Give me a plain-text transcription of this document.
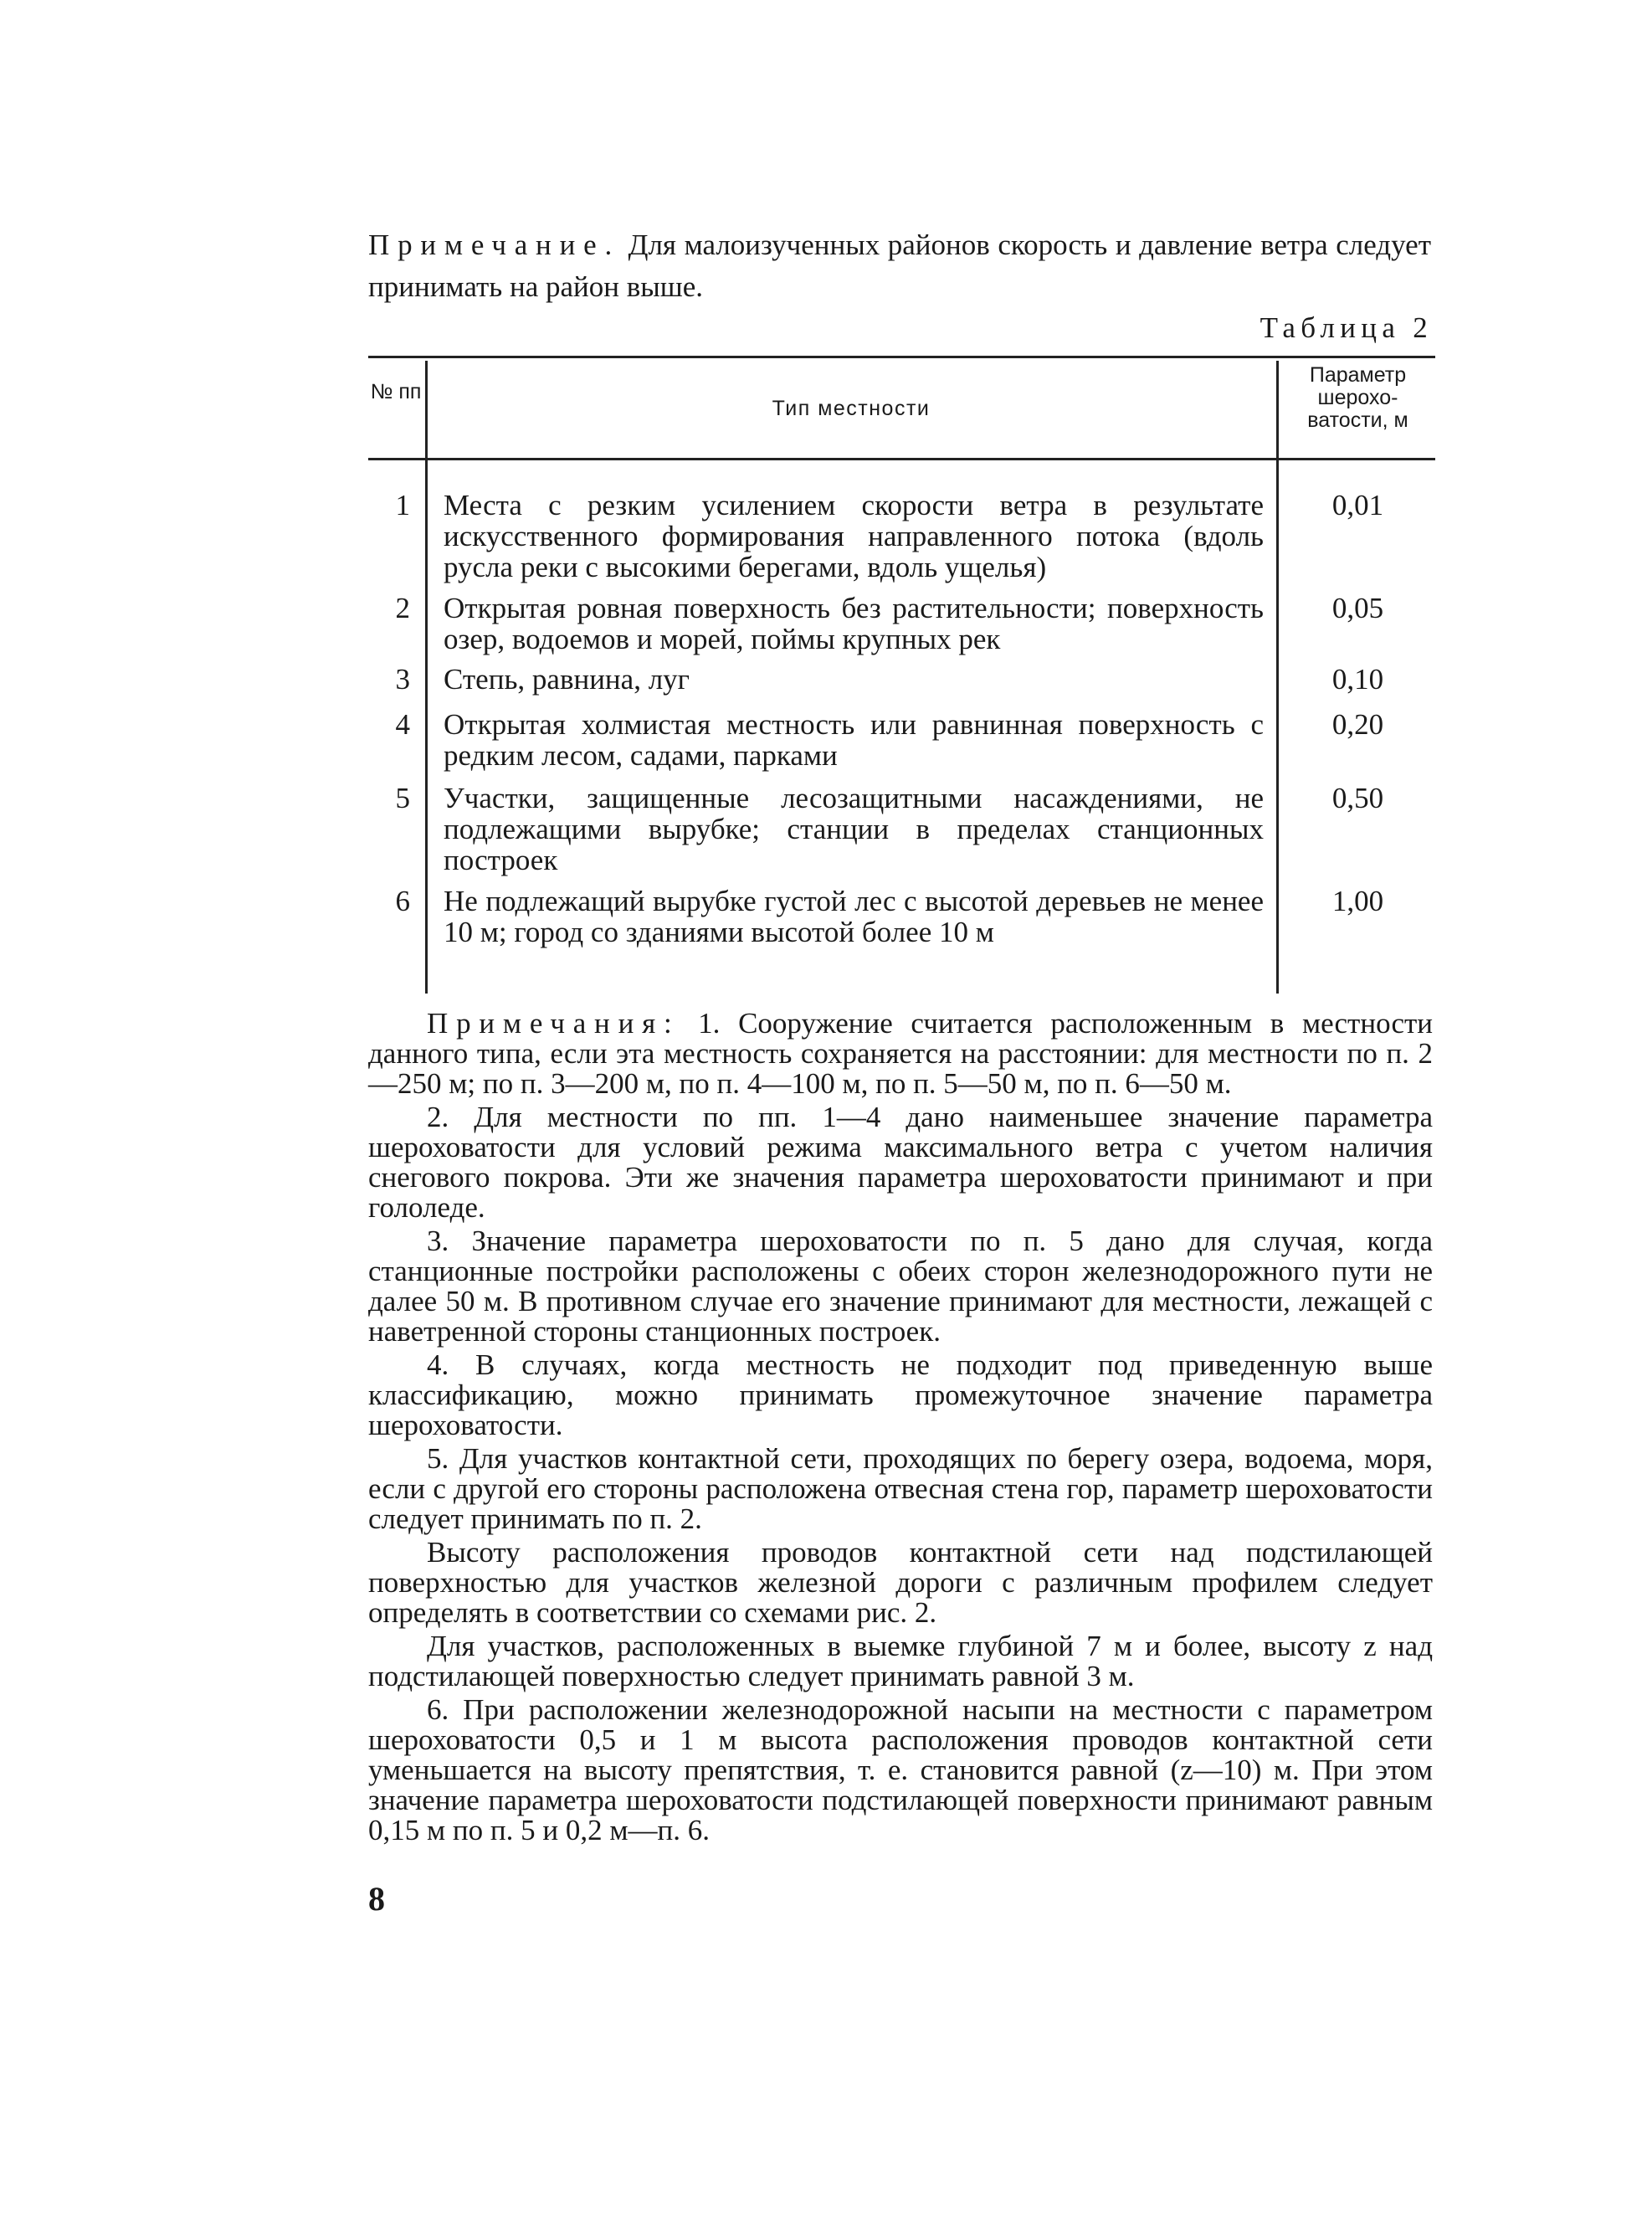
Примечание. Для малоизученных районов скорость и давление ветра следует принимать на район выше.
Таблица 2
№ пп
Тип местности
Параметр шерохо-ватости, м
1 Места с резким усилением скорости ветра в результате искусственного формирования направленного потока (вдоль русла реки с высокими берегами, вдоль ущелья)
0,01
2 Открытая ровная поверхность без растительности; поверхность озер, водоемов и морей, поймы крупных рек
0,05
3 Степь, равнина, луг	0,10
4 Открытая холмистая местность или равнинная поверхность с редким лесом, садами, парками
0,20
5 Участки, защищенные лесозащитными насаждениями, не подлежащими вырубке; станции в пределах станционных построек
0,50
6 Не подлежащий вырубке густой лес с высотой деревьев не менее 10 м; город со зданиями высотой более 10 м
1,00

Примечания: 1. Сооружение считается расположенным в местности данного типа, если эта местность сохраняется на расстоянии: для местности по п. 2—250 м; по п. 3—200 м, по п. 4—100 м, по п. 5—50 м, по п. 6—50 м.

2. Для местности по пп. 1—4 дано наименьшее значение параметра шероховатости для условий режима максимального ветра с учетом наличия снегового покрова. Эти же значения параметра шероховатости принимают и при гололеде.

3. Значение параметра шероховатости по п. 5 дано для случая, когда станционные постройки расположены с обеих сторон железнодорожного пути не далее 50 м. В противном случае его значение принимают для местности, лежащей с наветренной стороны станционных построек.

4. В случаях, когда местность не подходит под приведенную выше классификацию, можно принимать промежуточное значение параметра шероховатости.

5. Для участков контактной сети, проходящих по берегу озера, водоема, моря, если с другой его стороны расположена отвесная стена гор, параметр шероховатости следует принимать по п. 2.

Высоту расположения проводов контактной сети над подстилающей поверхностью для участков железной дороги с различным профилем следует определять в соответствии со схемами рис. 2.

Для участков, расположенных в выемке глубиной 7 м и более, высоту z над подстилающей поверхностью следует принимать равной 3 м.

6. При расположении железнодорожной насыпи на местности с параметром шероховатости 0,5 и 1 м высота расположения проводов контактной сети уменьшается на высоту препятствия, т. е. становится равной (z—10) м. При этом значение параметра шероховатости подстилающей поверхности принимают равным 0,15 м по п. 5 и 0,2 м—п. 6.

8
